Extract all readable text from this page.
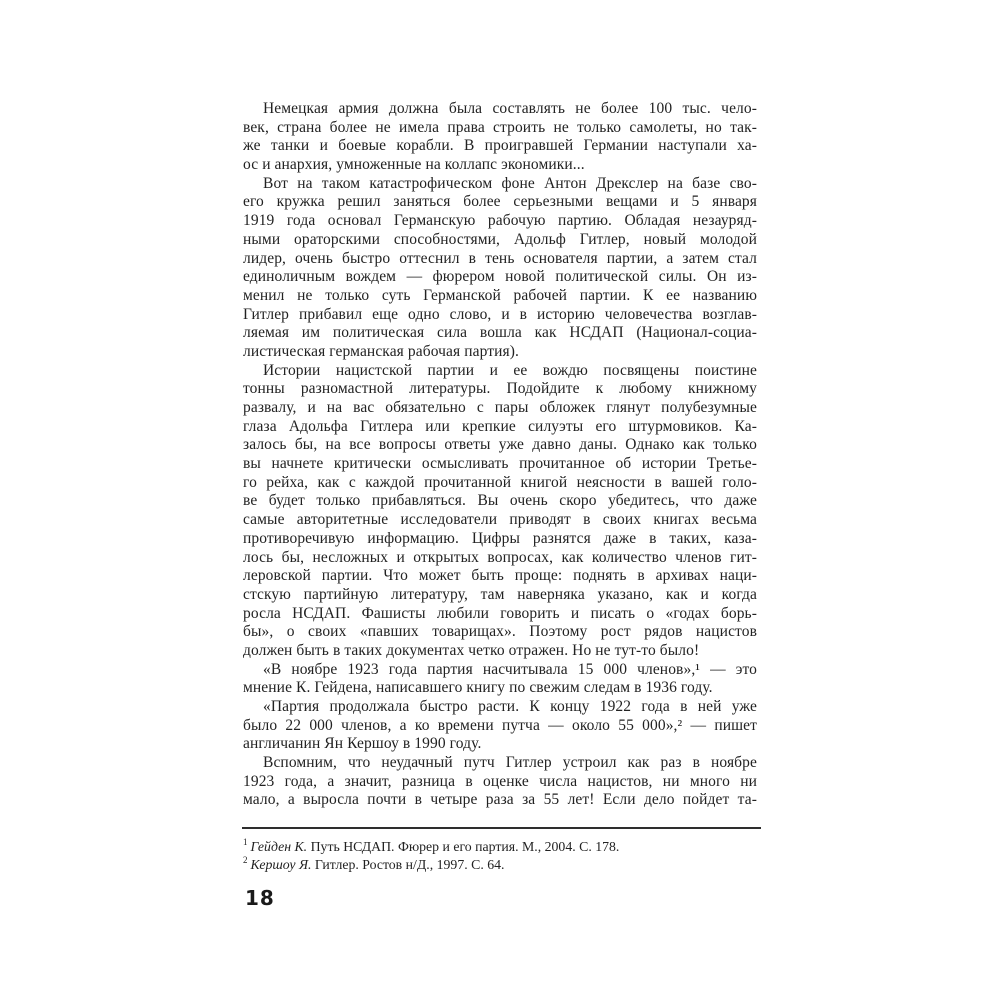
Немецкая армия должна была составлять не более 100 тыс. чело-
век, страна более не имела права строить не только самолеты, но так-
же танки и боевые корабли. В проигравшей Германии наступали ха-
ос и анархия, умноженные на коллапс экономики...
Вот на таком катастрофическом фоне Антон Дрекслер на базе сво-
его кружка решил заняться более серьезными вещами и 5 января
1919 года основал Германскую рабочую партию. Обладая незауряд-
ными ораторскими способностями, Адольф Гитлер, новый молодой
лидер, очень быстро оттеснил в тень основателя партии, а затем стал
единоличным вождем — фюрером новой политической силы. Он из-
менил не только суть Германской рабочей партии. К ее названию
Гитлер прибавил еще одно слово, и в историю человечества возглав-
ляемая им политическая сила вошла как НСДАП (Национал-социа-
листическая германская рабочая партия).
Истории нацистской партии и ее вождю посвящены поистине
тонны разномастной литературы. Подойдите к любому книжному
развалу, и на вас обязательно с пары обложек глянут полубезумные
глаза Адольфа Гитлера или крепкие силуэты его штурмовиков. Ка-
залось бы, на все вопросы ответы уже давно даны. Однако как только
вы начнете критически осмысливать прочитанное об истории Третье-
го рейха, как с каждой прочитанной книгой неясности в вашей голо-
ве будет только прибавляться. Вы очень скоро убедитесь, что даже
самые авторитетные исследователи приводят в своих книгах весьма
противоречивую информацию. Цифры разнятся даже в таких, каза-
лось бы, несложных и открытых вопросах, как количество членов гит-
леровской партии. Что может быть проще: поднять в архивах наци-
стскую партийную литературу, там наверняка указано, как и когда
росла НСДАП. Фашисты любили говорить и писать о «годах борь-
бы», о своих «павших товарищах». Поэтому рост рядов нацистов
должен быть в таких документах четко отражен. Но не тут-то было!
«В ноябре 1923 года партия насчитывала 15 000 членов»,¹ — это
мнение К. Гейдена, написавшего книгу по свежим следам в 1936 году.
«Партия продолжала быстро расти. К концу 1922 года в ней уже
было 22 000 членов, а ко времени путча — около 55 000»,² — пишет
англичанин Ян Кершоу в 1990 году.
Вспомним, что неудачный путч Гитлер устроил как раз в ноябре
1923 года, а значит, разница в оценке числа нацистов, ни много ни
мало, а выросла почти в четыре раза за 55 лет! Если дело пойдет та-
$^1$ Гейден К. Путь НСДАП. Фюрер и его партия. М., 2004. С. 178.
$^2$ Кершоу Я. Гитлер. Ростов н/Д., 1997. С. 64.
18
